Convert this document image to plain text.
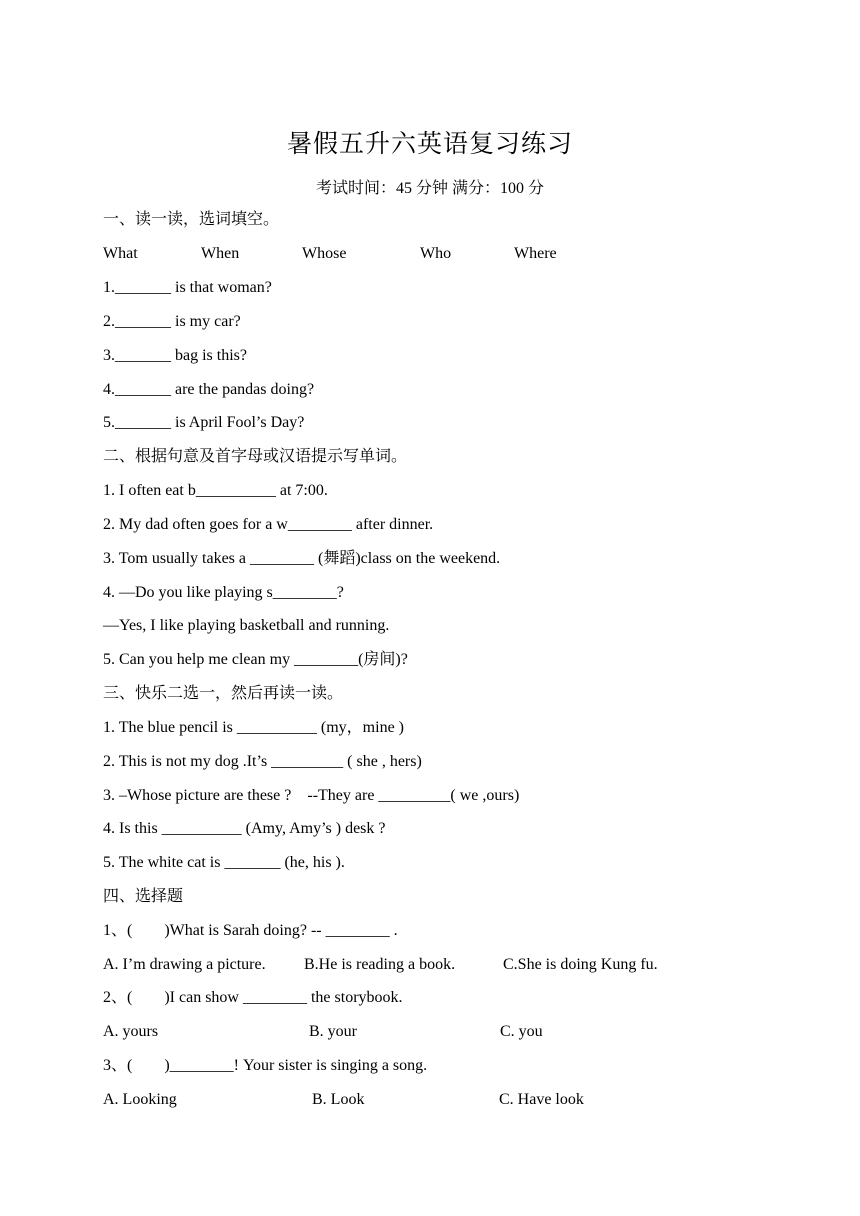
暑假五升六英语复习练习
考试时间：45 分钟 满分：100 分
一、读一读，选词填空。
What	When	Whose	Who	Where
1._______ is that woman?
2._______ is my car?
3._______ bag is this?
4._______ are the pandas doing?
5._______ is April Fool’s Day?
二、根据句意及首字母或汉语提示写单词。
1. I often eat b__________ at 7:00.
2. My dad often goes for a w________ after dinner.
3. Tom usually takes a ________ (舞蹈)class on the weekend.
4. —Do you like playing s________?
—Yes, I like playing basketball and running.
5. Can you help me clean my ________(房间)?
三、快乐二选一，然后再读一读。
1. The blue pencil is __________ (my，mine )
2. This is not my dog .It’s _________ ( she , hers)
3. –Whose picture are these ?    --They are _________( we ,ours)
4. Is this __________ (Amy, Amy’s ) desk ?
5. The white cat is _______ (he, his ).
四、选择题
1、(        )What is Sarah doing? -- ________ .
A. I’m drawing a picture. B.He is reading a book.	C.She is doing Kung fu.
2、(        )I can show ________ the storybook.
A. yours	B. your	C. you
3、(        )________! Your sister is singing a song.
A. Looking	B. Look	C. Have look
